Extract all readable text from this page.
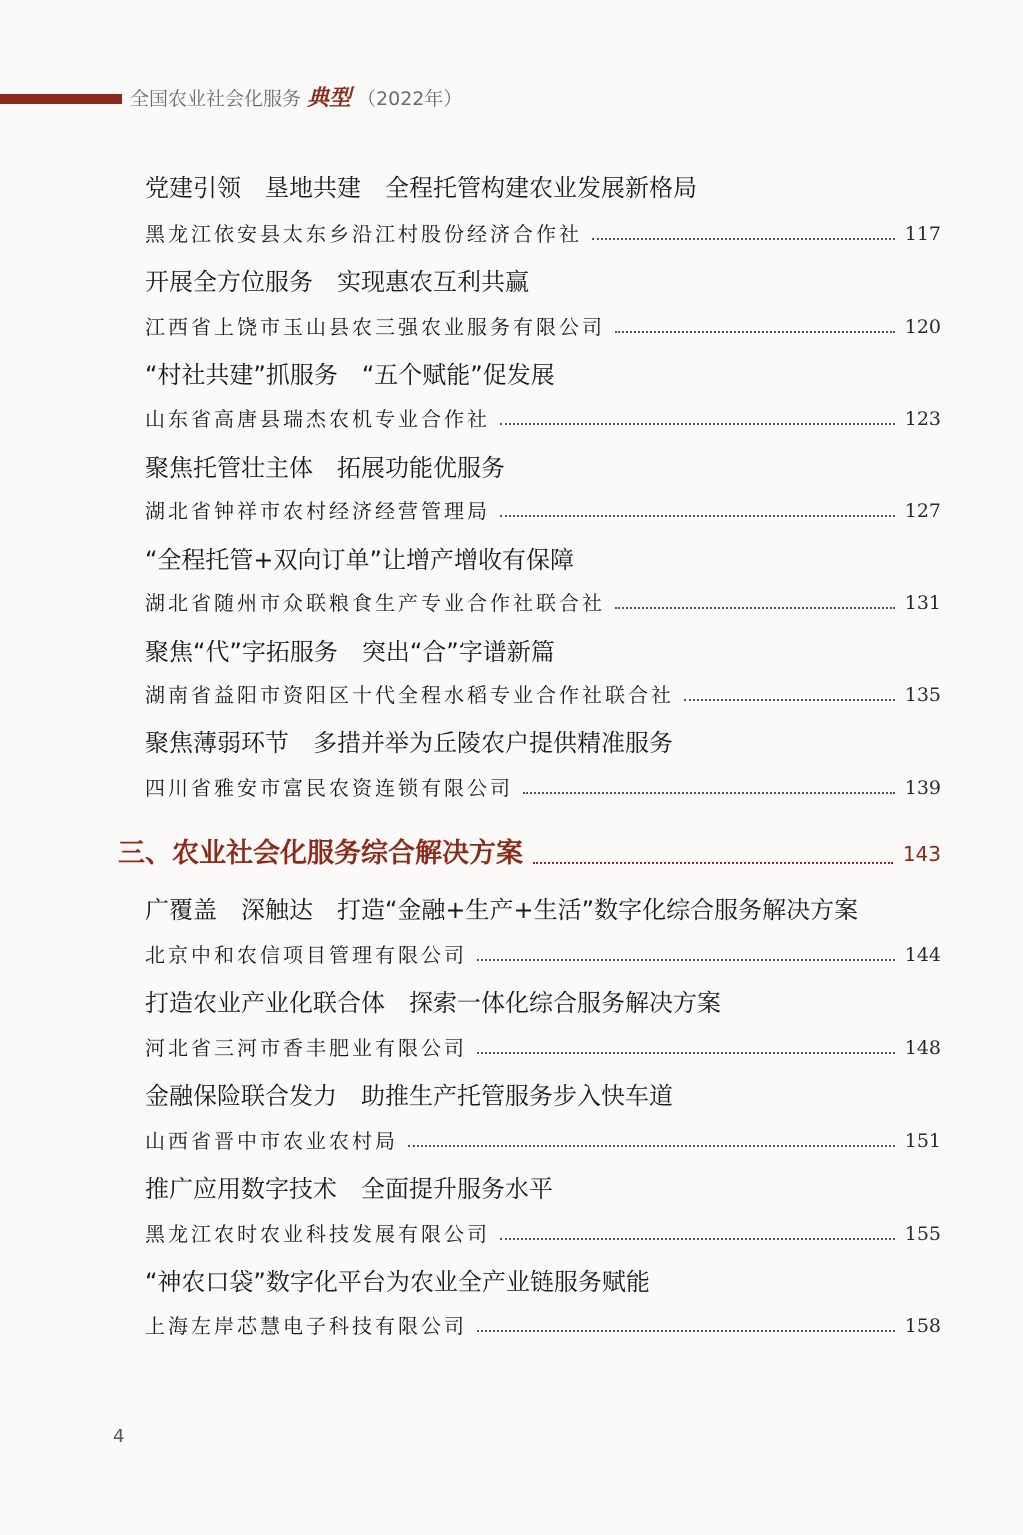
全国农业社会化服务 典型 （2022年）
党建引领　垦地共建　全程托管构建农业发展新格局
黑龙江依安县太东乡沿江村股份经济合作社	117
开展全方位服务　实现惠农互利共赢
江西省上饶市玉山县农三强农业服务有限公司	120
“村社共建”抓服务　“五个赋能”促发展
山东省高唐县瑞杰农机专业合作社	123
聚焦托管壮主体　拓展功能优服务
湖北省钟祥市农村经济经营管理局	127
“全程托管+双向订单”让增产增收有保障
湖北省随州市众联粮食生产专业合作社联合社	131
聚焦“代”字拓服务　突出“合”字谱新篇
湖南省益阳市资阳区十代全程水稻专业合作社联合社	135
聚焦薄弱环节　多措并举为丘陵农户提供精准服务
四川省雅安市富民农资连锁有限公司	139
三、农业社会化服务综合解决方案	143
广覆盖　深触达　打造“金融+生产+生活”数字化综合服务解决方案
北京中和农信项目管理有限公司	144
打造农业产业化联合体　探索一体化综合服务解决方案
河北省三河市香丰肥业有限公司	148
金融保险联合发力　助推生产托管服务步入快车道
山西省晋中市农业农村局	151
推广应用数字技术　全面提升服务水平
黑龙江农时农业科技发展有限公司	155
“神农口袋”数字化平台为农业全产业链服务赋能
上海左岸芯慧电子科技有限公司	158
4
